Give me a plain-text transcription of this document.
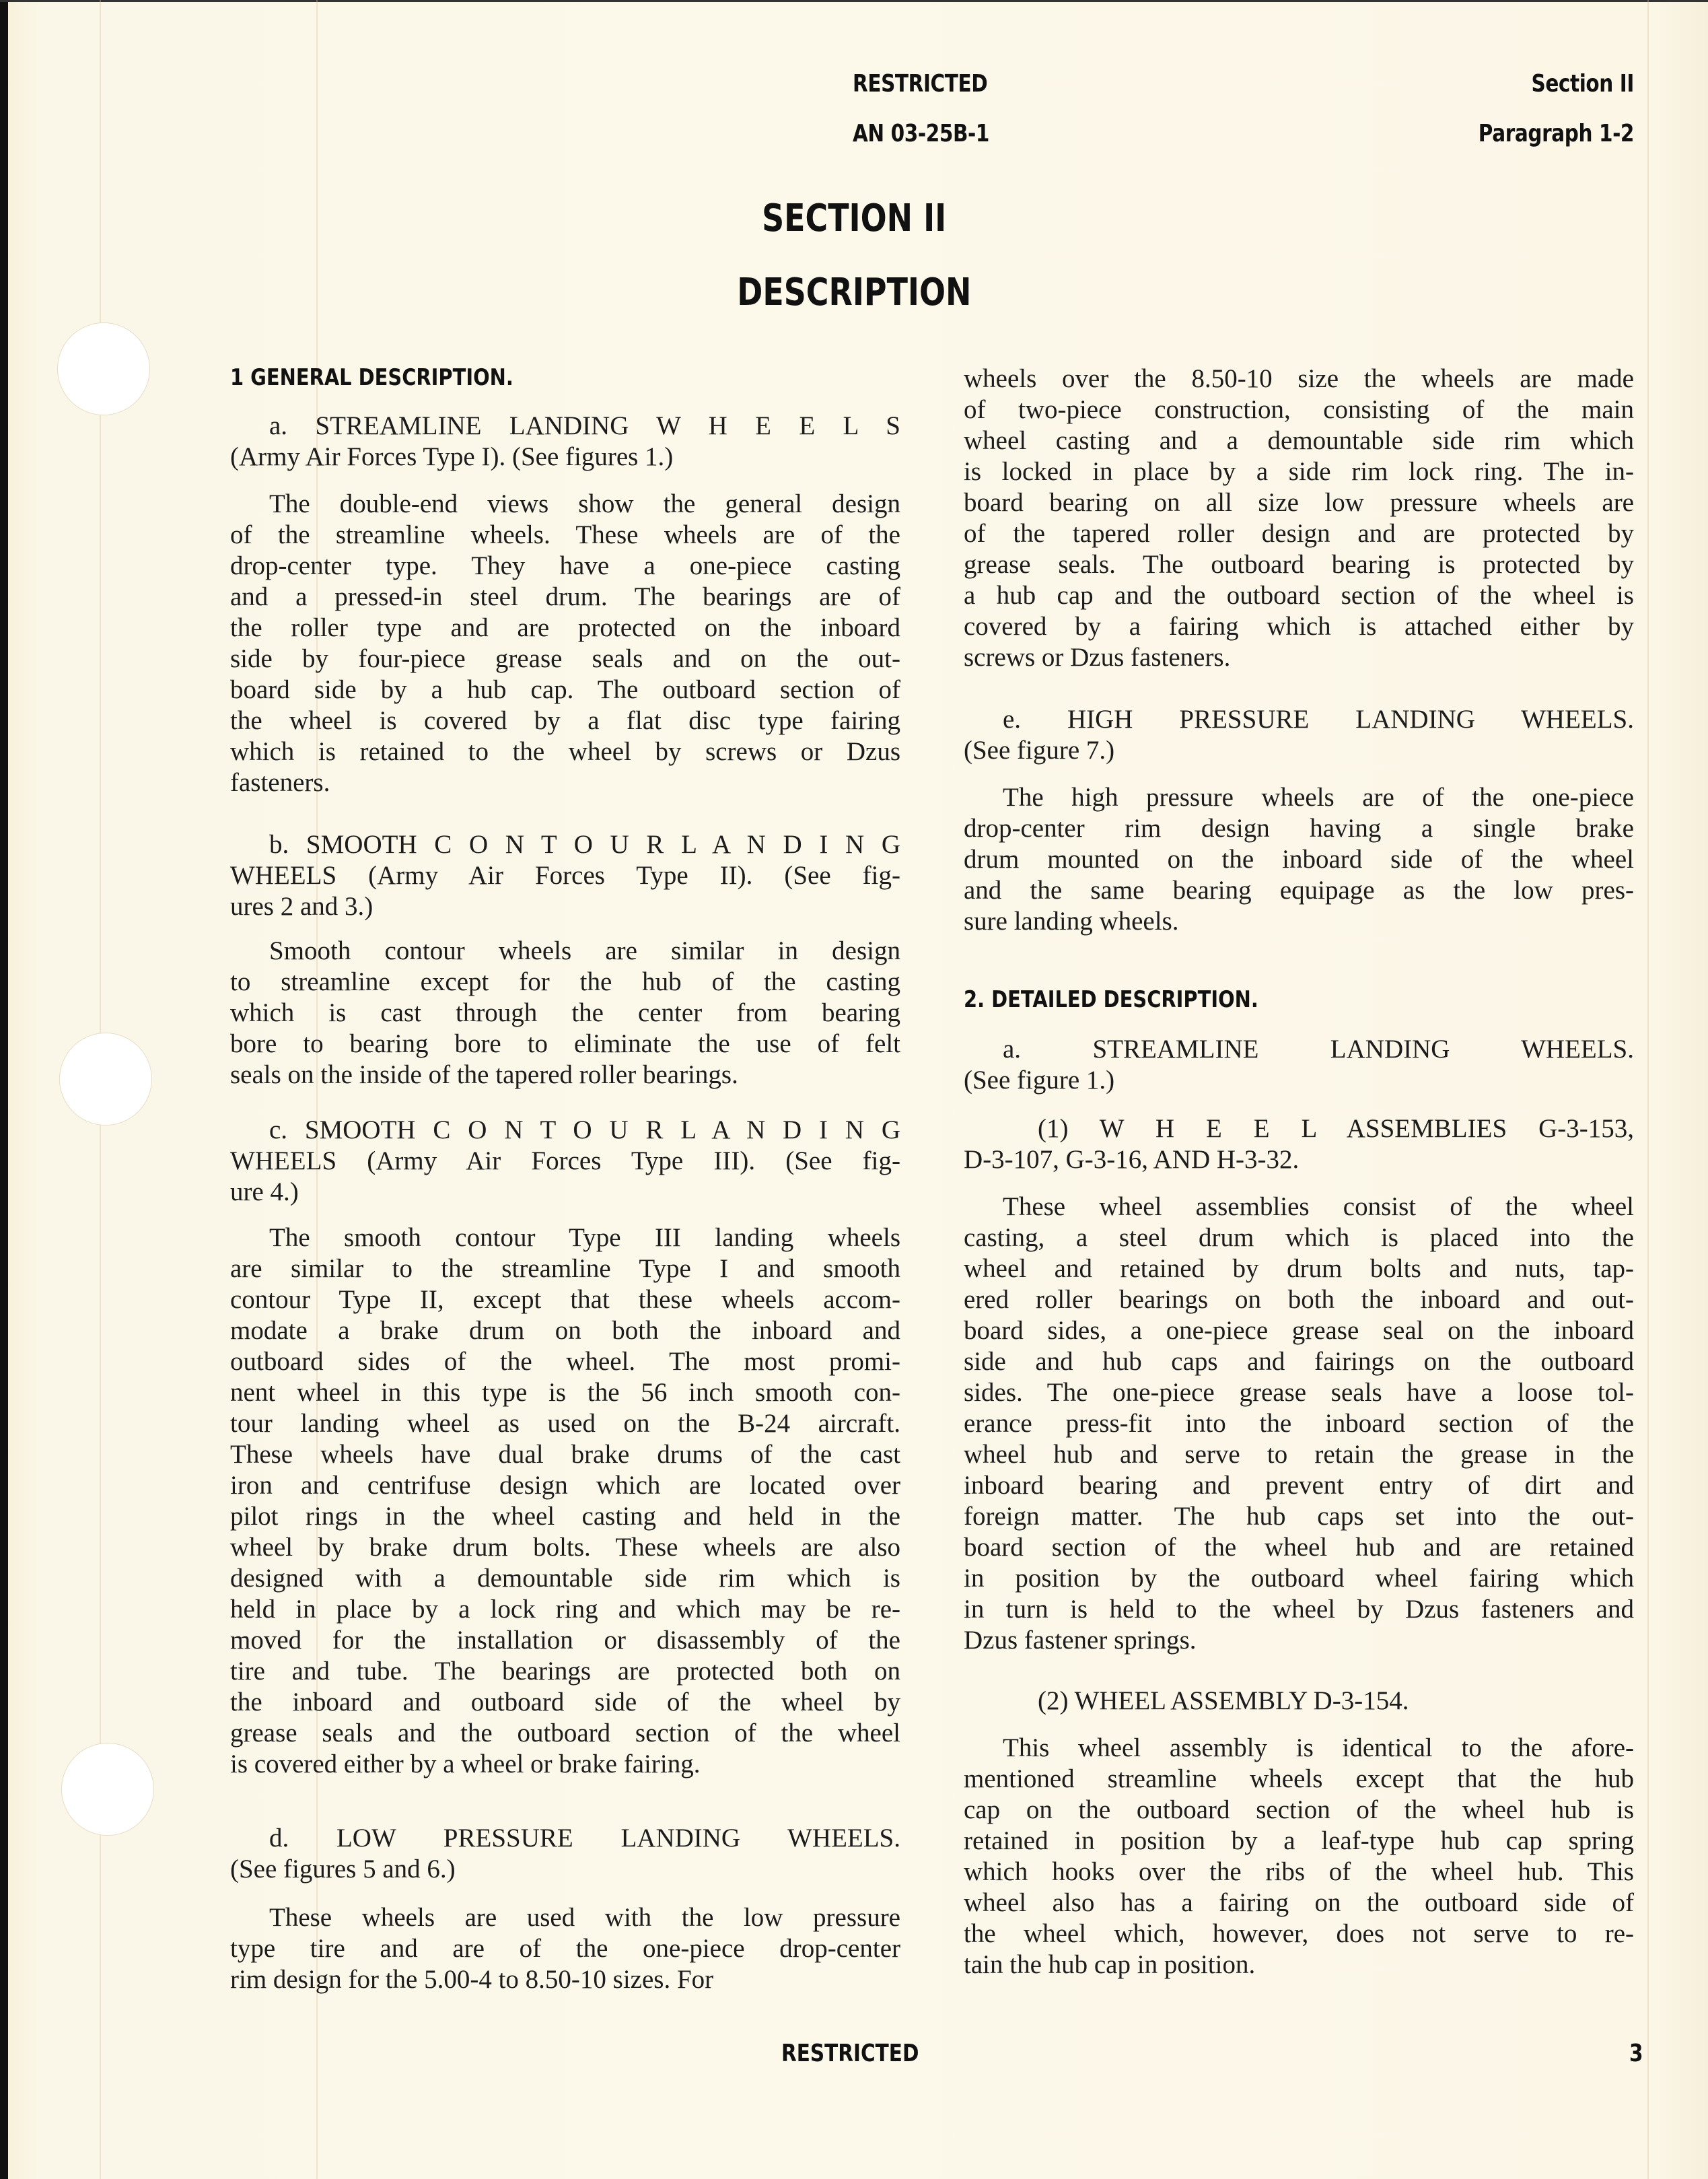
RESTRICTED
AN 03-25B-1
Section II
Paragraph 1-2
SECTION II
DESCRIPTION
1 GENERAL DESCRIPTION.
a. STREAMLINE LANDING W H E E L S
(Army Air Forces Type I). (See figures 1.)
The double-end views show the general design
of the streamline wheels. These wheels are of the
drop-center type. They have a one-piece casting
and a pressed-in steel drum. The bearings are of
the roller type and are protected on the inboard
side by four-piece grease seals and on the out-
board side by a hub cap. The outboard section of
the wheel is covered by a flat disc type fairing
which is retained to the wheel by screws or Dzus
fasteners.
b. SMOOTH C O N T O U R L A N D I N G
WHEELS (Army Air Forces Type II). (See fig-
ures 2 and 3.)
Smooth contour wheels are similar in design
to streamline except for the hub of the casting
which is cast through the center from bearing
bore to bearing bore to eliminate the use of felt
seals on the inside of the tapered roller bearings.
c. SMOOTH C O N T O U R L A N D I N G
WHEELS (Army Air Forces Type III). (See fig-
ure 4.)
The smooth contour Type III landing wheels
are similar to the streamline Type I and smooth
contour Type II, except that these wheels accom-
modate a brake drum on both the inboard and
outboard sides of the wheel. The most promi-
nent wheel in this type is the 56 inch smooth con-
tour landing wheel as used on the B-24 aircraft.
These wheels have dual brake drums of the cast
iron and centrifuse design which are located over
pilot rings in the wheel casting and held in the
wheel by brake drum bolts. These wheels are also
designed with a demountable side rim which is
held in place by a lock ring and which may be re-
moved for the installation or disassembly of the
tire and tube. The bearings are protected both on
the inboard and outboard side of the wheel by
grease seals and the outboard section of the wheel
is covered either by a wheel or brake fairing.
d. LOW PRESSURE LANDING WHEELS.
(See figures 5 and 6.)
These wheels are used with the low pressure
type tire and are of the one-piece drop-center
rim design for the 5.00-4 to 8.50-10 sizes. For
wheels over the 8.50-10 size the wheels are made
of two-piece construction, consisting of the main
wheel casting and a demountable side rim which
is locked in place by a side rim lock ring. The in-
board bearing on all size low pressure wheels are
of the tapered roller design and are protected by
grease seals. The outboard bearing is protected by
a hub cap and the outboard section of the wheel is
covered by a fairing which is attached either by
screws or Dzus fasteners.
e. HIGH PRESSURE LANDING WHEELS.
(See figure 7.)
The high pressure wheels are of the one-piece
drop-center rim design having a single brake
drum mounted on the inboard side of the wheel
and the same bearing equipage as the low pres-
sure landing wheels.
2. DETAILED DESCRIPTION.
a. STREAMLINE LANDING WHEELS.
(See figure 1.)
(1) W H E E L ASSEMBLIES G-3-153,
D-3-107, G-3-16, AND H-3-32.
These wheel assemblies consist of the wheel
casting, a steel drum which is placed into the
wheel and retained by drum bolts and nuts, tap-
ered roller bearings on both the inboard and out-
board sides, a one-piece grease seal on the inboard
side and hub caps and fairings on the outboard
sides. The one-piece grease seals have a loose tol-
erance press-fit into the inboard section of the
wheel hub and serve to retain the grease in the
inboard bearing and prevent entry of dirt and
foreign matter. The hub caps set into the out-
board section of the wheel hub and are retained
in position by the outboard wheel fairing which
in turn is held to the wheel by Dzus fasteners and
Dzus fastener springs.
(2) WHEEL ASSEMBLY D-3-154.
This wheel assembly is identical to the afore-
mentioned streamline wheels except that the hub
cap on the outboard section of the wheel hub is
retained in position by a leaf-type hub cap spring
which hooks over the ribs of the wheel hub. This
wheel also has a fairing on the outboard side of
the wheel which, however, does not serve to re-
tain the hub cap in position.
RESTRICTED	3
